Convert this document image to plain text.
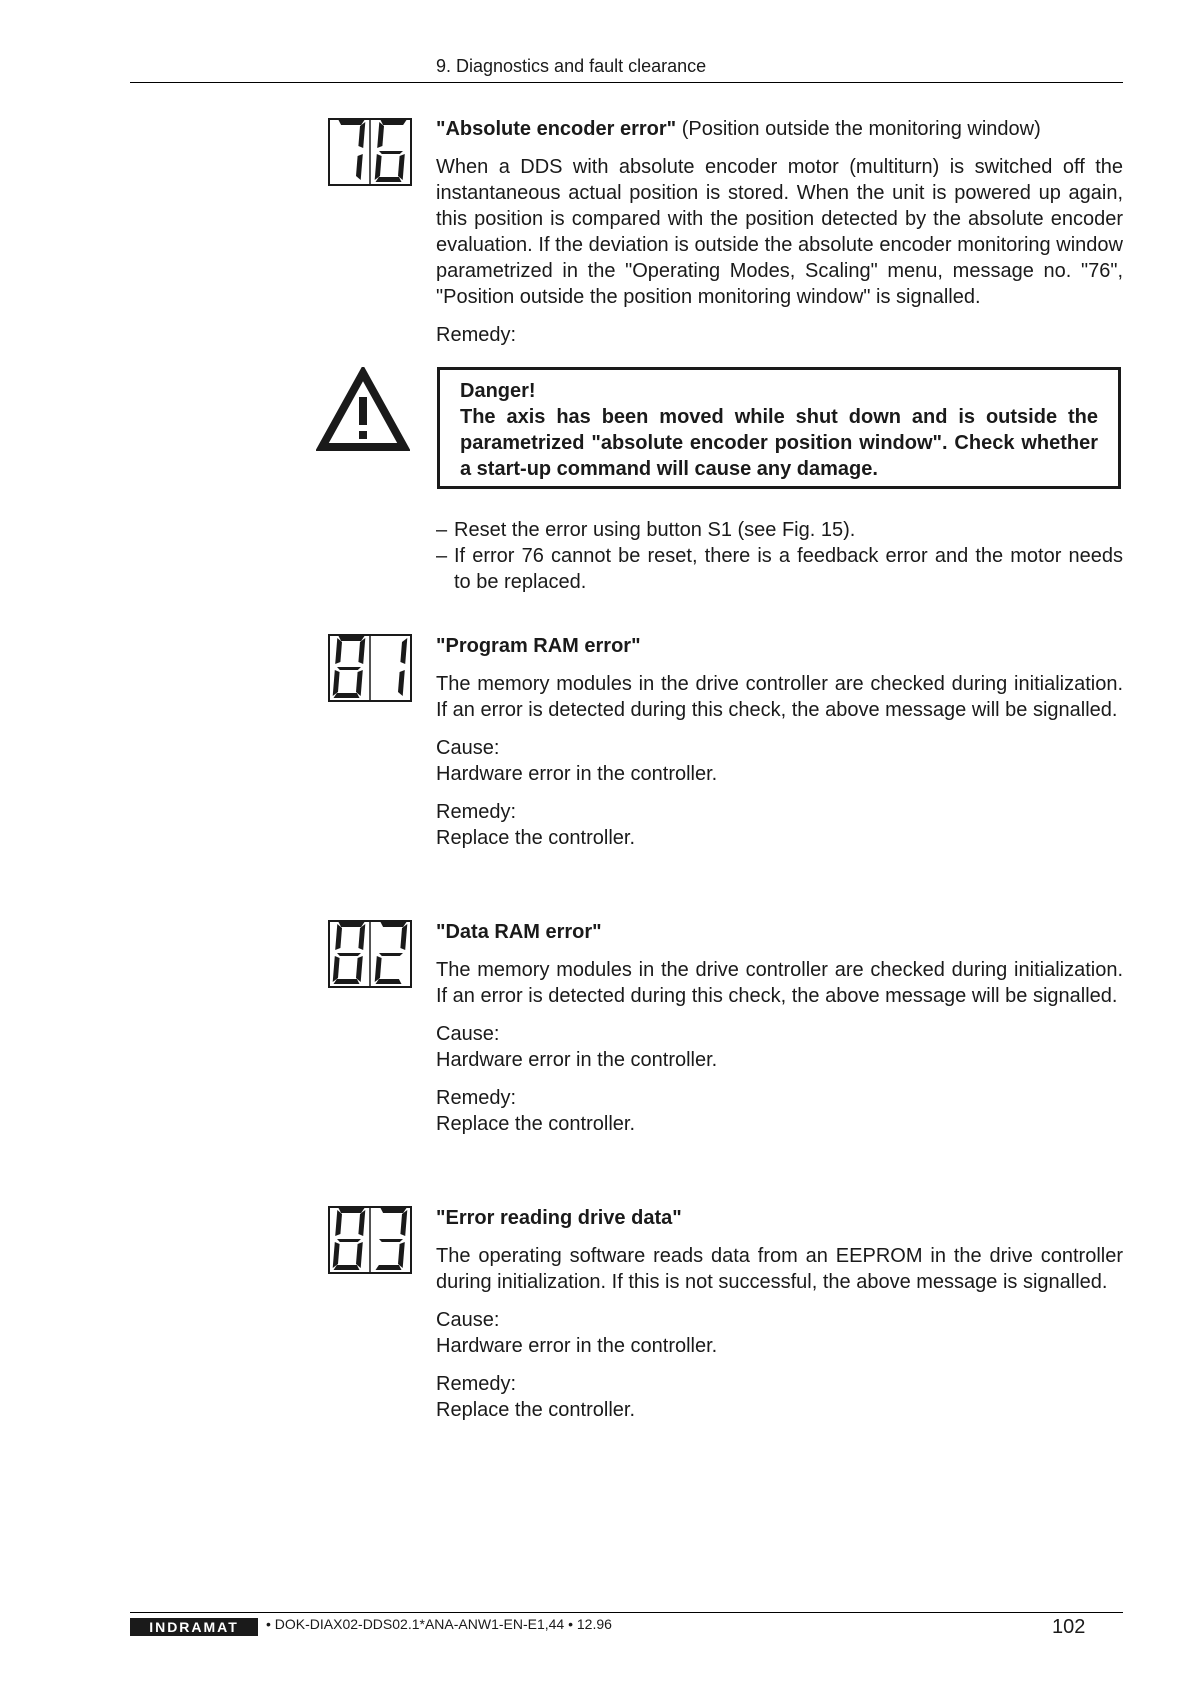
9. Diagnostics and fault clearance

"Absolute encoder error" (Position outside the monitoring window)

When a DDS with absolute encoder motor (multiturn) is switched off the instantaneous actual position is stored. When the unit is powered up again, this position is compared with the position detected by the absolute encoder evaluation. If the deviation is outside the absolute encoder monitoring window parametrized in the "Operating Modes, Scaling" menu, message no. "76", "Position outside the position monitoring window" is signalled.

Remedy:

Danger!
The axis has been moved while shut down and is outside the parametrized "absolute encoder position window". Check whether a start-up command will cause any damage.
– Reset the error using button S1 (see Fig. 15).
– If error 76 cannot be reset, there is a feedback error and the motor needs to be replaced.

"Program RAM error"

The memory modules in the drive controller are checked during initialization. If an error is detected during this check, the above message will be signalled.

Cause:
Hardware error in the controller.

Remedy:
Replace the controller.

"Data RAM error"

The memory modules in the drive controller are checked during initialization. If an error is detected during this check, the above message will be signalled.

Cause:
Hardware error in the controller.

Remedy:
Replace the controller.

"Error reading drive data"

The operating software reads data from an EEPROM in the drive controller during initialization. If this is not successful, the above message is signalled.

Cause:
Hardware error in the controller.

Remedy:
Replace the controller.

INDRAMAT • DOK-DIAX02-DDS02.1*ANA-ANW1-EN-E1,44 • 12.96	102
